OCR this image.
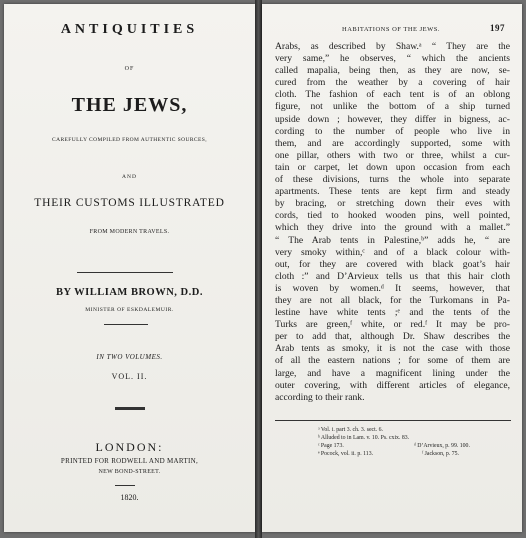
ANTIQUITIES
OF
THE JEWS,
CAREFULLY COMPILED FROM AUTHENTIC SOURCES,
AND
THEIR CUSTOMS ILLUSTRATED
FROM MODERN TRAVELS.
BY WILLIAM BROWN, D.D.
MINISTER OF ESKDALEMUIR.
IN TWO VOLUMES.
VOL. II.
LONDON:
PRINTED FOR RODWELL AND MARTIN,
NEW BOND-STREET.
1820.
HABITATIONS OF THE JEWS.	197
Arabs, as described by Shaw.ᵃ “ They are the
very same,” he observes, “ which the ancients
called mapalia, being then, as they are now, se-
cured from the weather by a covering of hair
cloth. The fashion of each tent is of an oblong
figure, not unlike the bottom of a ship turned
upside down ; however, they differ in bigness, ac-
cording to the number of people who live in
them, and are accordingly supported, some with
one pillar, others with two or three, whilst a cur-
tain or carpet, let down upon occasion from each
of these divisions, turns the whole into separate
apartments. These tents are kept firm and steady
by bracing, or stretching down their eves with
cords, tied to hooked wooden pins, well pointed,
which they drive into the ground with a mallet.”
“ The Arab tents in Palestine,ᵇ” adds he, “ are
very smoky within,ᶜ and of a black colour with-
out, for they are covered with black goat’s hair
cloth :” and D’Arvieux tells us that this hair cloth
is woven by women.ᵈ It seems, however, that
they are not all black, for the Turkomans in Pa-
lestine have white tents ;ᵉ and the tents of the
Turks are green,ᶠ white, or red.ᶠ It may be pro-
per to add that, although Dr. Shaw describes the
Arab tents as smoky, it is not the case with those
of all the eastern nations ; for some of them are
large, and have a magnificent lining under the
outer covering, with different articles of elegance,
according to their rank.
ᵃ Vol. i. part 3. ch. 3. sect. 6.
ᵇ Alluded to in Lam. v. 10. Ps. cxix. 83.
ᶜ Page 173.	ᵈ D’Arvieux, p. 99. 100.
ᵉ Pocock, vol. ii. p. 113.	ᶠ Jackson, p. 75.
